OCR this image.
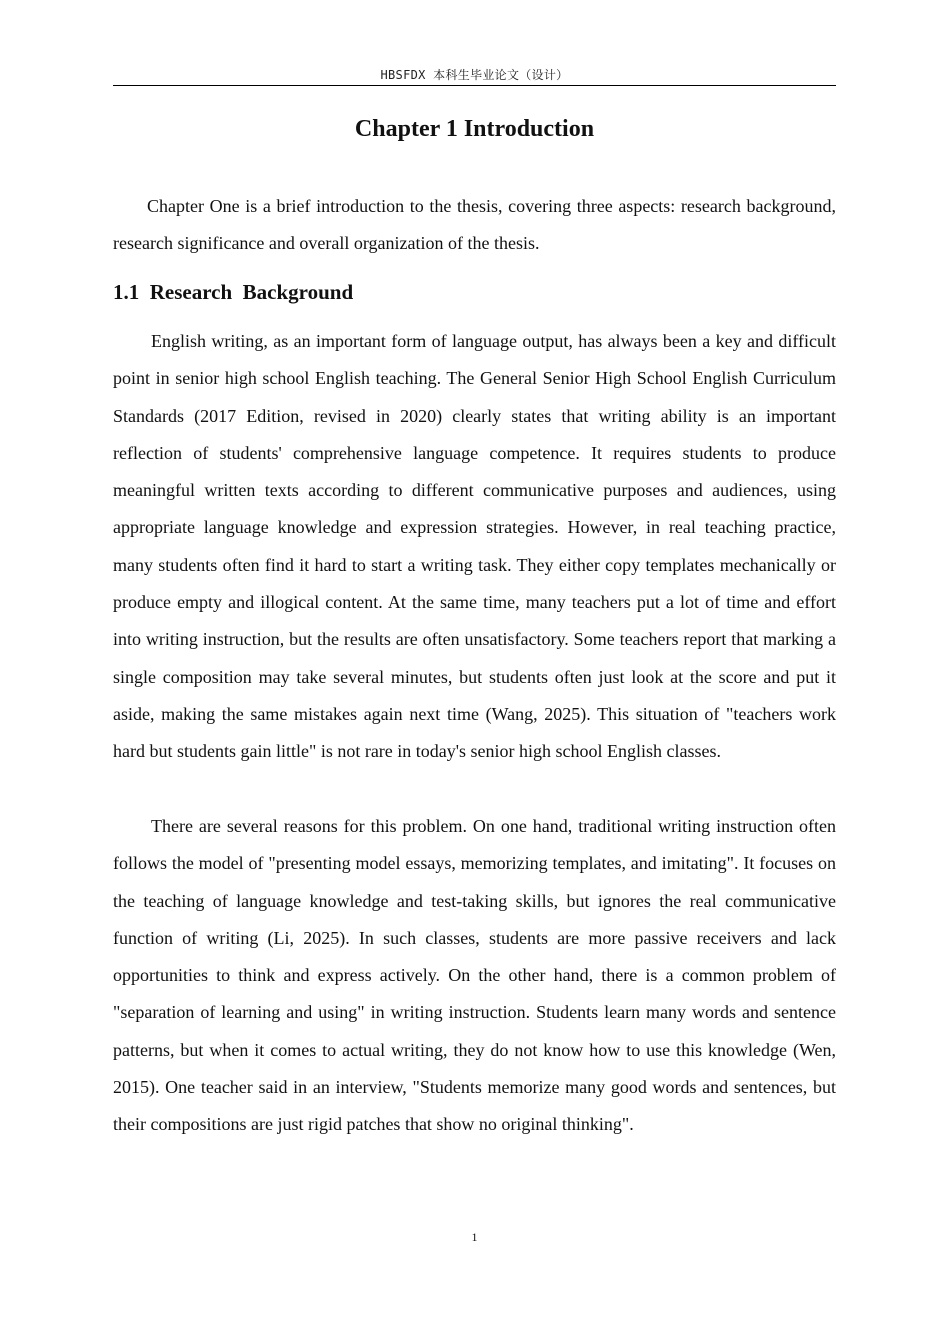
HBSFDX 本科生毕业论文（设计）
Chapter 1 Introduction

Chapter One is a brief introduction to the thesis, covering three aspects: research background, research significance and overall organization of the thesis.

1.1  Research  Background

English writing, as an important form of language output, has always been a key and difficult point in senior high school English teaching. The General Senior High School English Curriculum Standards (2017 Edition, revised in 2020) clearly states that writing ability is an important reflection of students' comprehensive language competence. It requires students to produce meaningful written texts according to different communicative purposes and audiences, using appropriate language knowledge and expression strategies. However, in real teaching practice, many students often find it hard to start a writing task. They either copy templates mechanically or produce empty and illogical content. At the same time, many teachers put a lot of time and effort into writing instruction, but the results are often unsatisfactory. Some teachers report that marking a single composition may take several minutes, but students often just look at the score and put it aside, making the same mistakes again next time (Wang, 2025). This situation of "teachers work hard but students gain little" is not rare in today's senior high school English classes.

There are several reasons for this problem. On one hand, traditional writing instruction often follows the model of "presenting model essays, memorizing templates, and imitating". It focuses on the teaching of language knowledge and test-taking skills, but ignores the real communicative function of writing (Li, 2025). In such classes, students are more passive receivers and lack opportunities to think and express actively. On the other hand, there is a common problem of "separation of learning and using" in writing instruction. Students learn many words and sentence patterns, but when it comes to actual writing, they do not know how to use this knowledge (Wen, 2015). One teacher said in an interview, "Students memorize many good words and sentences, but their compositions are just rigid patches that show no original thinking".

1
